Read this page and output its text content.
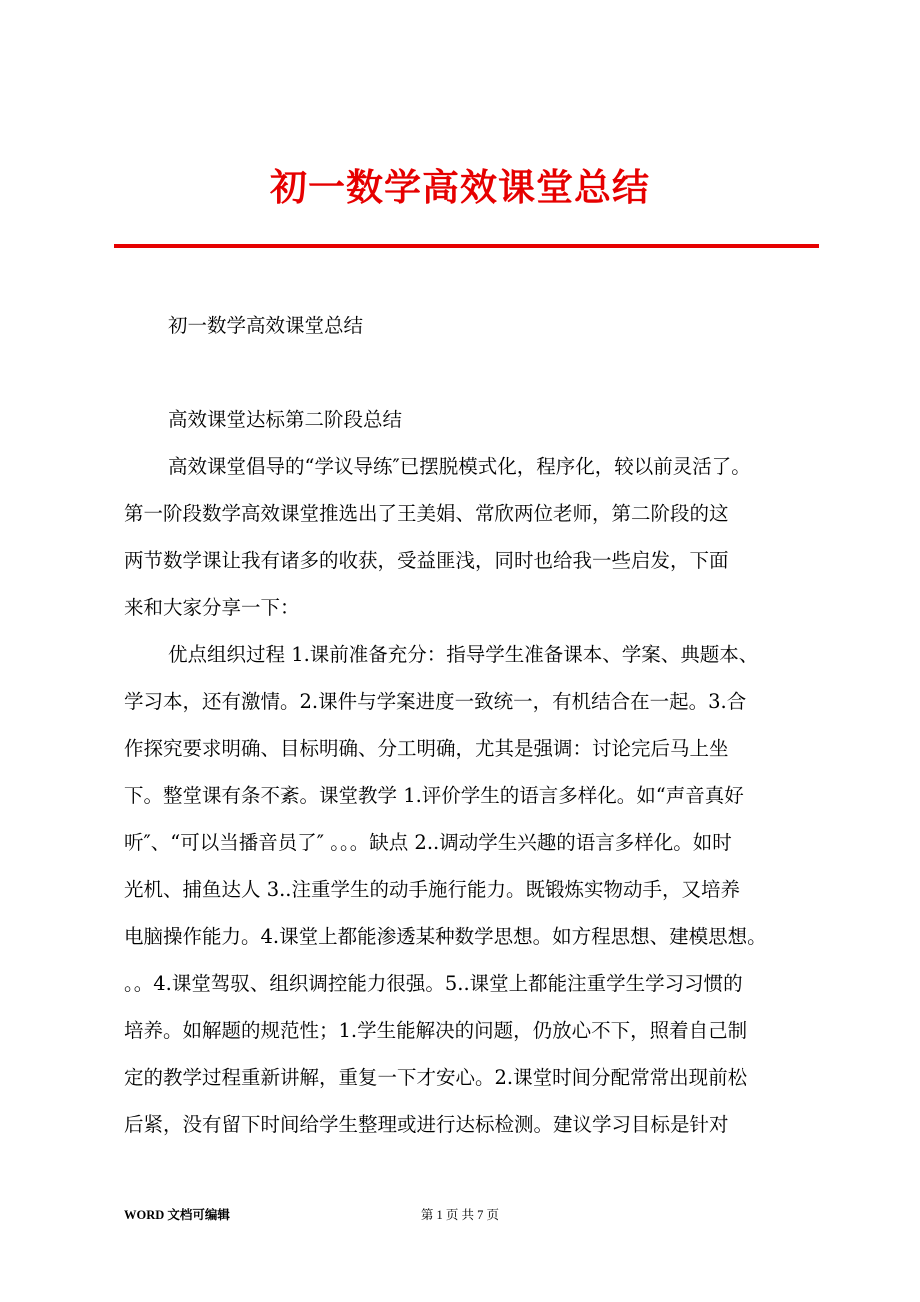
初一数学高效课堂总结
初一数学高效课堂总结
高效课堂达标第二阶段总结
高效课堂倡导的“学议导练″已摆脱模式化，程序化，较以前灵活了。
第一阶段数学高效课堂推选出了王美娟、常欣两位老师，第二阶段的这
两节数学课让我有诸多的收获，受益匪浅，同时也给我一些启发，下面
来和大家分享一下：
优点组织过程 1.课前准备充分：指导学生准备课本、学案、典题本、
学习本，还有激情。2.课件与学案进度一致统一，有机结合在一起。3.合
作探究要求明确、目标明确、分工明确，尤其是强调：讨论完后马上坐
下。整堂课有条不紊。课堂教学 1.评价学生的语言多样化。如“声音真好
听″、“可以当播音员了″ 。。。缺点 2..调动学生兴趣的语言多样化。如时
光机、捕鱼达人 3..注重学生的动手施行能力。既锻炼实物动手，又培养
电脑操作能力。4.课堂上都能渗透某种数学思想。如方程思想、建模思想。
。。4.课堂驾驭、组织调控能力很强。5..课堂上都能注重学生学习习惯的
培养。如解题的规范性；1.学生能解决的问题，仍放心不下，照着自己制
定的教学过程重新讲解，重复一下才安心。2.课堂时间分配常常出现前松
后紧，没有留下时间给学生整理或进行达标检测。建议学习目标是针对
WORD 文档可编辑	第 1 页 共 7 页
